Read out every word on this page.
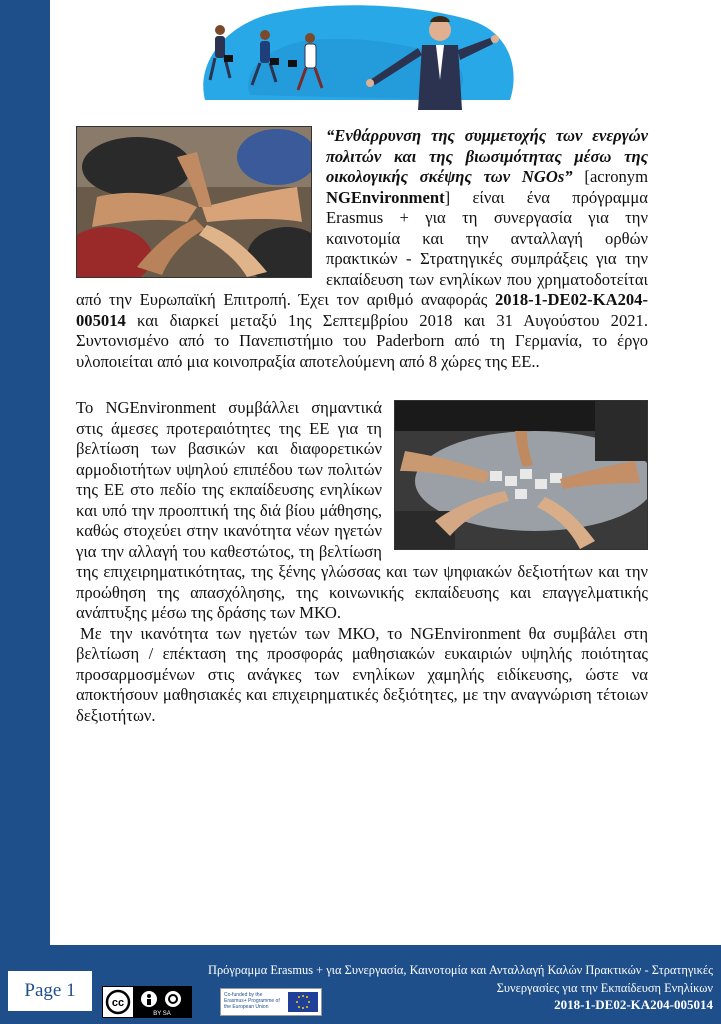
“Ενθάρρυνση της συμμετοχής των ενεργών πολιτών και της βιωσιμότητας μέσω της οικολογικής σκέψης των NGOs” [acronym NGEnvironment] είναι ένα πρόγραμμα Erasmus + για τη συνεργασία για την καινοτομία και την ανταλλαγή ορθών πρακτικών - Στρατηγικές συμπράξεις για την εκπαίδευση των ενηλίκων που χρηματοδοτείται από την Ευρωπαϊκή Επιτροπή. Έχει τον αριθμό αναφοράς 2018-1-DE02-KA204-005014 και διαρκεί μεταξύ 1ης Σεπτεμβρίου 2018 και 31 Αυγούστου 2021. Συντονισμένο από το Πανεπιστήμιο του Paderborn από τη Γερμανία, το έργο υλοποιείται από μια κοινοπραξία αποτελούμενη από 8 χώρες της ΕΕ..

Το NGEnvironment συμβάλλει σημαντικά στις άμεσες προτεραιότητες της ΕΕ για τη βελτίωση των βασικών και διαφορετικών αρμοδιοτήτων υψηλού επιπέδου των πολιτών της ΕΕ στο πεδίο της εκπαίδευσης ενηλίκων και υπό την προοπτική της διά βίου μάθησης, καθώς στοχεύει στην ικανότητα νέων ηγετών για την αλλαγή του καθεστώτος, τη βελτίωση της επιχειρηματικότητας, της ξένης γλώσσας και των ψηφιακών δεξιοτήτων και την προώθηση της απασχόλησης, της κοινωνικής εκπαίδευσης και επαγγελματικής ανάπτυξης μέσω της δράσης των ΜΚΟ.

Με την ικανότητα των ηγετών των ΜΚΟ, το NGEnvironment θα συμβάλει στη βελτίωση / επέκταση της προσφοράς μαθησιακών ευκαιριών υψηλής ποιότητας προσαρμοσμένων στις ανάγκες των ενηλίκων χαμηλής ειδίκευσης, ώστε να αποκτήσουν μαθησιακές και επιχειρηματικές δεξιότητες, με την αναγνώριση τέτοιων δεξιοτήτων.

Page 1
cc
BY SA
Co-funded by the Erasmus+ Programme of the European Union
Πρόγραμμα Erasmus + για Συνεργασία, Καινοτομία και Ανταλλαγή Καλών Πρακτικών - Στρατηγικές
Συνεργασίες για την Εκπαίδευση Ενηλίκων
2018-1-DE02-KA204-005014
